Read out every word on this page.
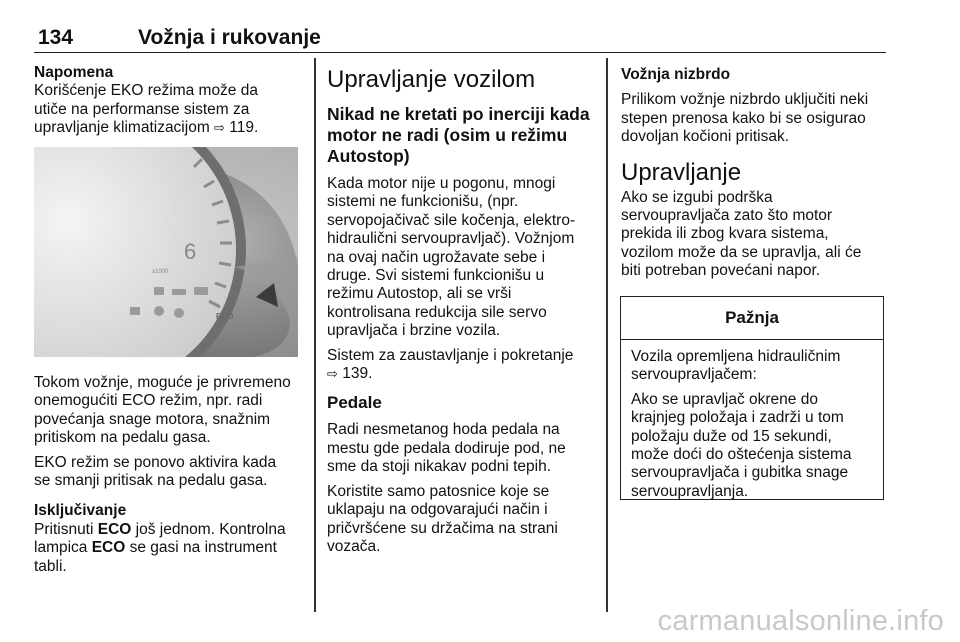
134	Vožnja i rukovanje
Napomena
Korišćenje EKO režima može da
utiče na performanse sistem za
upravljanje klimatizacijom ⇨ 119.
6
x1000
ECO

Tokom vožnje, moguće je privremeno
onemogućiti ECO režim, npr. radi
povećanja snage motora, snažnim
pritiskom na pedalu gasa.

EKO režim se ponovo aktivira kada
se smanji pritisak na pedalu gasa.

Isključivanje
Pritisnuti ECO još jednom. Kontrolna
lampica ECO se gasi na instrument
tabli.
Upravljanje vozilom
Nikad ne kretati po inerciji kada
motor ne radi (osim u režimu
Autostop)

Kada motor nije u pogonu, mnogi
sistemi ne funkcionišu, (npr.
servopojačivač sile kočenja, elektro-
hidraulični servoupravljač). Vožnjom
na ovaj način ugrožavate sebe i
druge. Svi sistemi funkcionišu u
režimu Autostop, ali se vrši
kontrolisana redukcija sile servo
upravljača i brzine vozila.

Sistem za zaustavljanje i pokretanje
⇨ 139.

Pedale

Radi nesmetanog hoda pedala na
mestu gde pedala dodiruje pod, ne
sme da stoji nikakav podni tepih.

Koristite samo patosnice koje se
uklapaju na odgovarajući način i
pričvršćene su držačima na strani
vozača.

Vožnja nizbrdo

Prilikom vožnje nizbrdo uključiti neki
stepen prenosa kako bi se osigurao
dovoljan kočioni pritisak.

Upravljanje

Ako se izgubi podrška
servoupravljača zato što motor
prekida ili zbog kvara sistema,
vozilom može da se upravlja, ali će
biti potreban povećani napor.

Pažnja

Vozila opremljena hidrauličnim
servoupravljačem:

Ako se upravljač okrene do
krajnjeg položaja i zadrži u tom
položaju duže od 15 sekundi,
može doći do oštećenja sistema
servoupravljača i gubitka snage
servoupravljanja.

carmanualsonline.info
